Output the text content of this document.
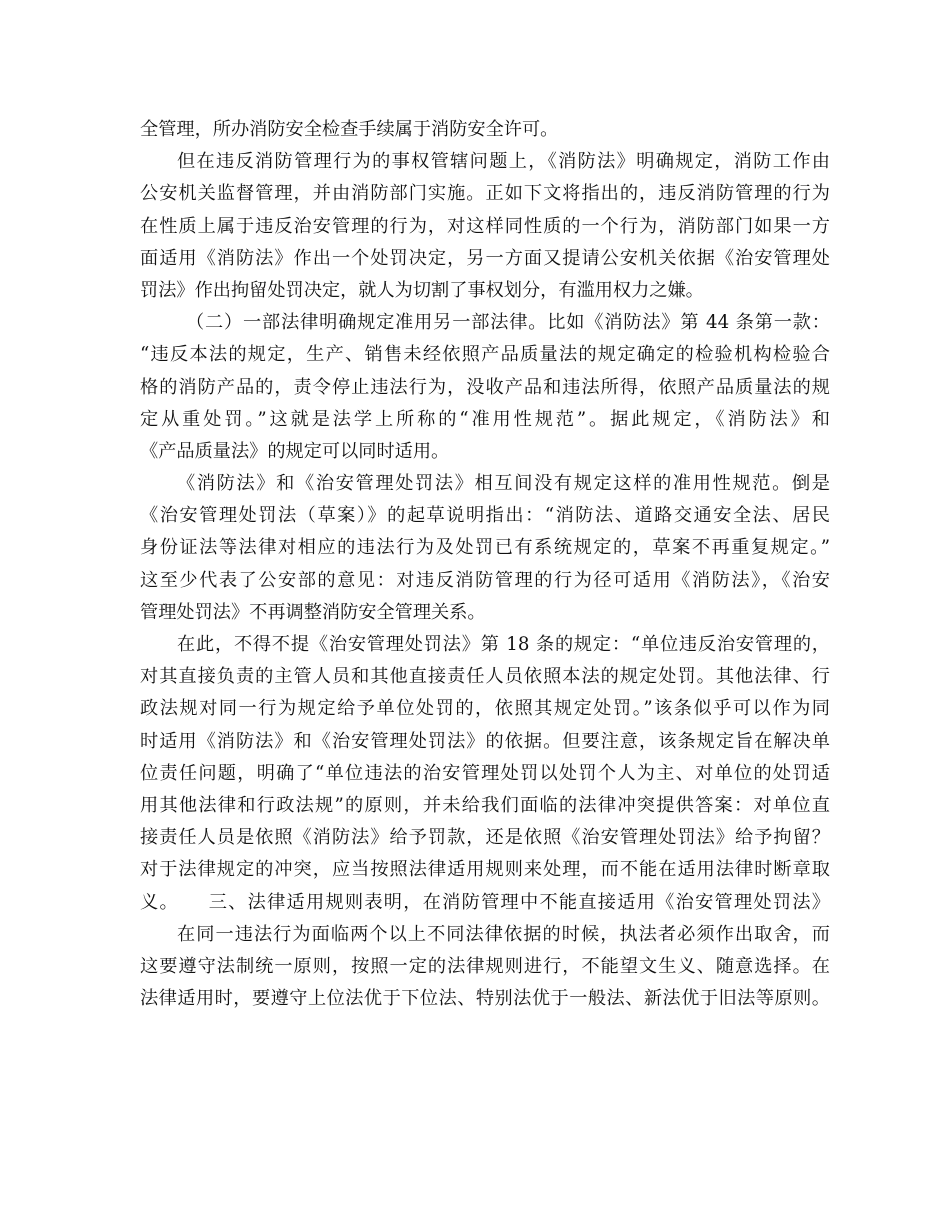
全管理，所办消防安全检查手续属于消防安全许可。
但在违反消防管理行为的事权管辖问题上，《消防法》明确规定，消防工作由
公安机关监督管理，并由消防部门实施。正如下文将指出的，违反消防管理的行为
在性质上属于违反治安管理的行为，对这样同性质的一个行为，消防部门如果一方
面适用《消防法》作出一个处罚决定，另一方面又提请公安机关依据《治安管理处
罚法》作出拘留处罚决定，就人为切割了事权划分，有滥用权力之嫌。
（二）一部法律明确规定准用另一部法律。比如《消防法》第 44 条第一款：
“违反本法的规定，生产、销售未经依照产品质量法的规定确定的检验机构检验合
格的消防产品的，责令停止违法行为，没收产品和违法所得，依照产品质量法的规
定从重处罚。”这就是法学上所称的“准用性规范”。据此规定，《消防法》和
《产品质量法》的规定可以同时适用。
《消防法》和《治安管理处罚法》相互间没有规定这样的准用性规范。倒是
《治安管理处罚法（草案）》的起草说明指出：“消防法、道路交通安全法、居民
身份证法等法律对相应的违法行为及处罚已有系统规定的，草案不再重复规定。”
这至少代表了公安部的意见：对违反消防管理的行为径可适用《消防法》，《治安
管理处罚法》不再调整消防安全管理关系。
在此，不得不提《治安管理处罚法》第 18 条的规定：“单位违反治安管理的，
对其直接负责的主管人员和其他直接责任人员依照本法的规定处罚。其他法律、行
政法规对同一行为规定给予单位处罚的，依照其规定处罚。”该条似乎可以作为同
时适用《消防法》和《治安管理处罚法》的依据。但要注意，该条规定旨在解决单
位责任问题，明确了“单位违法的治安管理处罚以处罚个人为主、对单位的处罚适
用其他法律和行政法规”的原则，并未给我们面临的法律冲突提供答案：对单位直
接责任人员是依照《消防法》给予罚款，还是依照《治安管理处罚法》给予拘留？
对于法律规定的冲突，应当按照法律适用规则来处理，而不能在适用法律时断章取
义。　　三、法律适用规则表明，在消防管理中不能直接适用《治安管理处罚法》
在同一违法行为面临两个以上不同法律依据的时候，执法者必须作出取舍，而
这要遵守法制统一原则，按照一定的法律规则进行，不能望文生义、随意选择。在
法律适用时，要遵守上位法优于下位法、特别法优于一般法、新法优于旧法等原则。
